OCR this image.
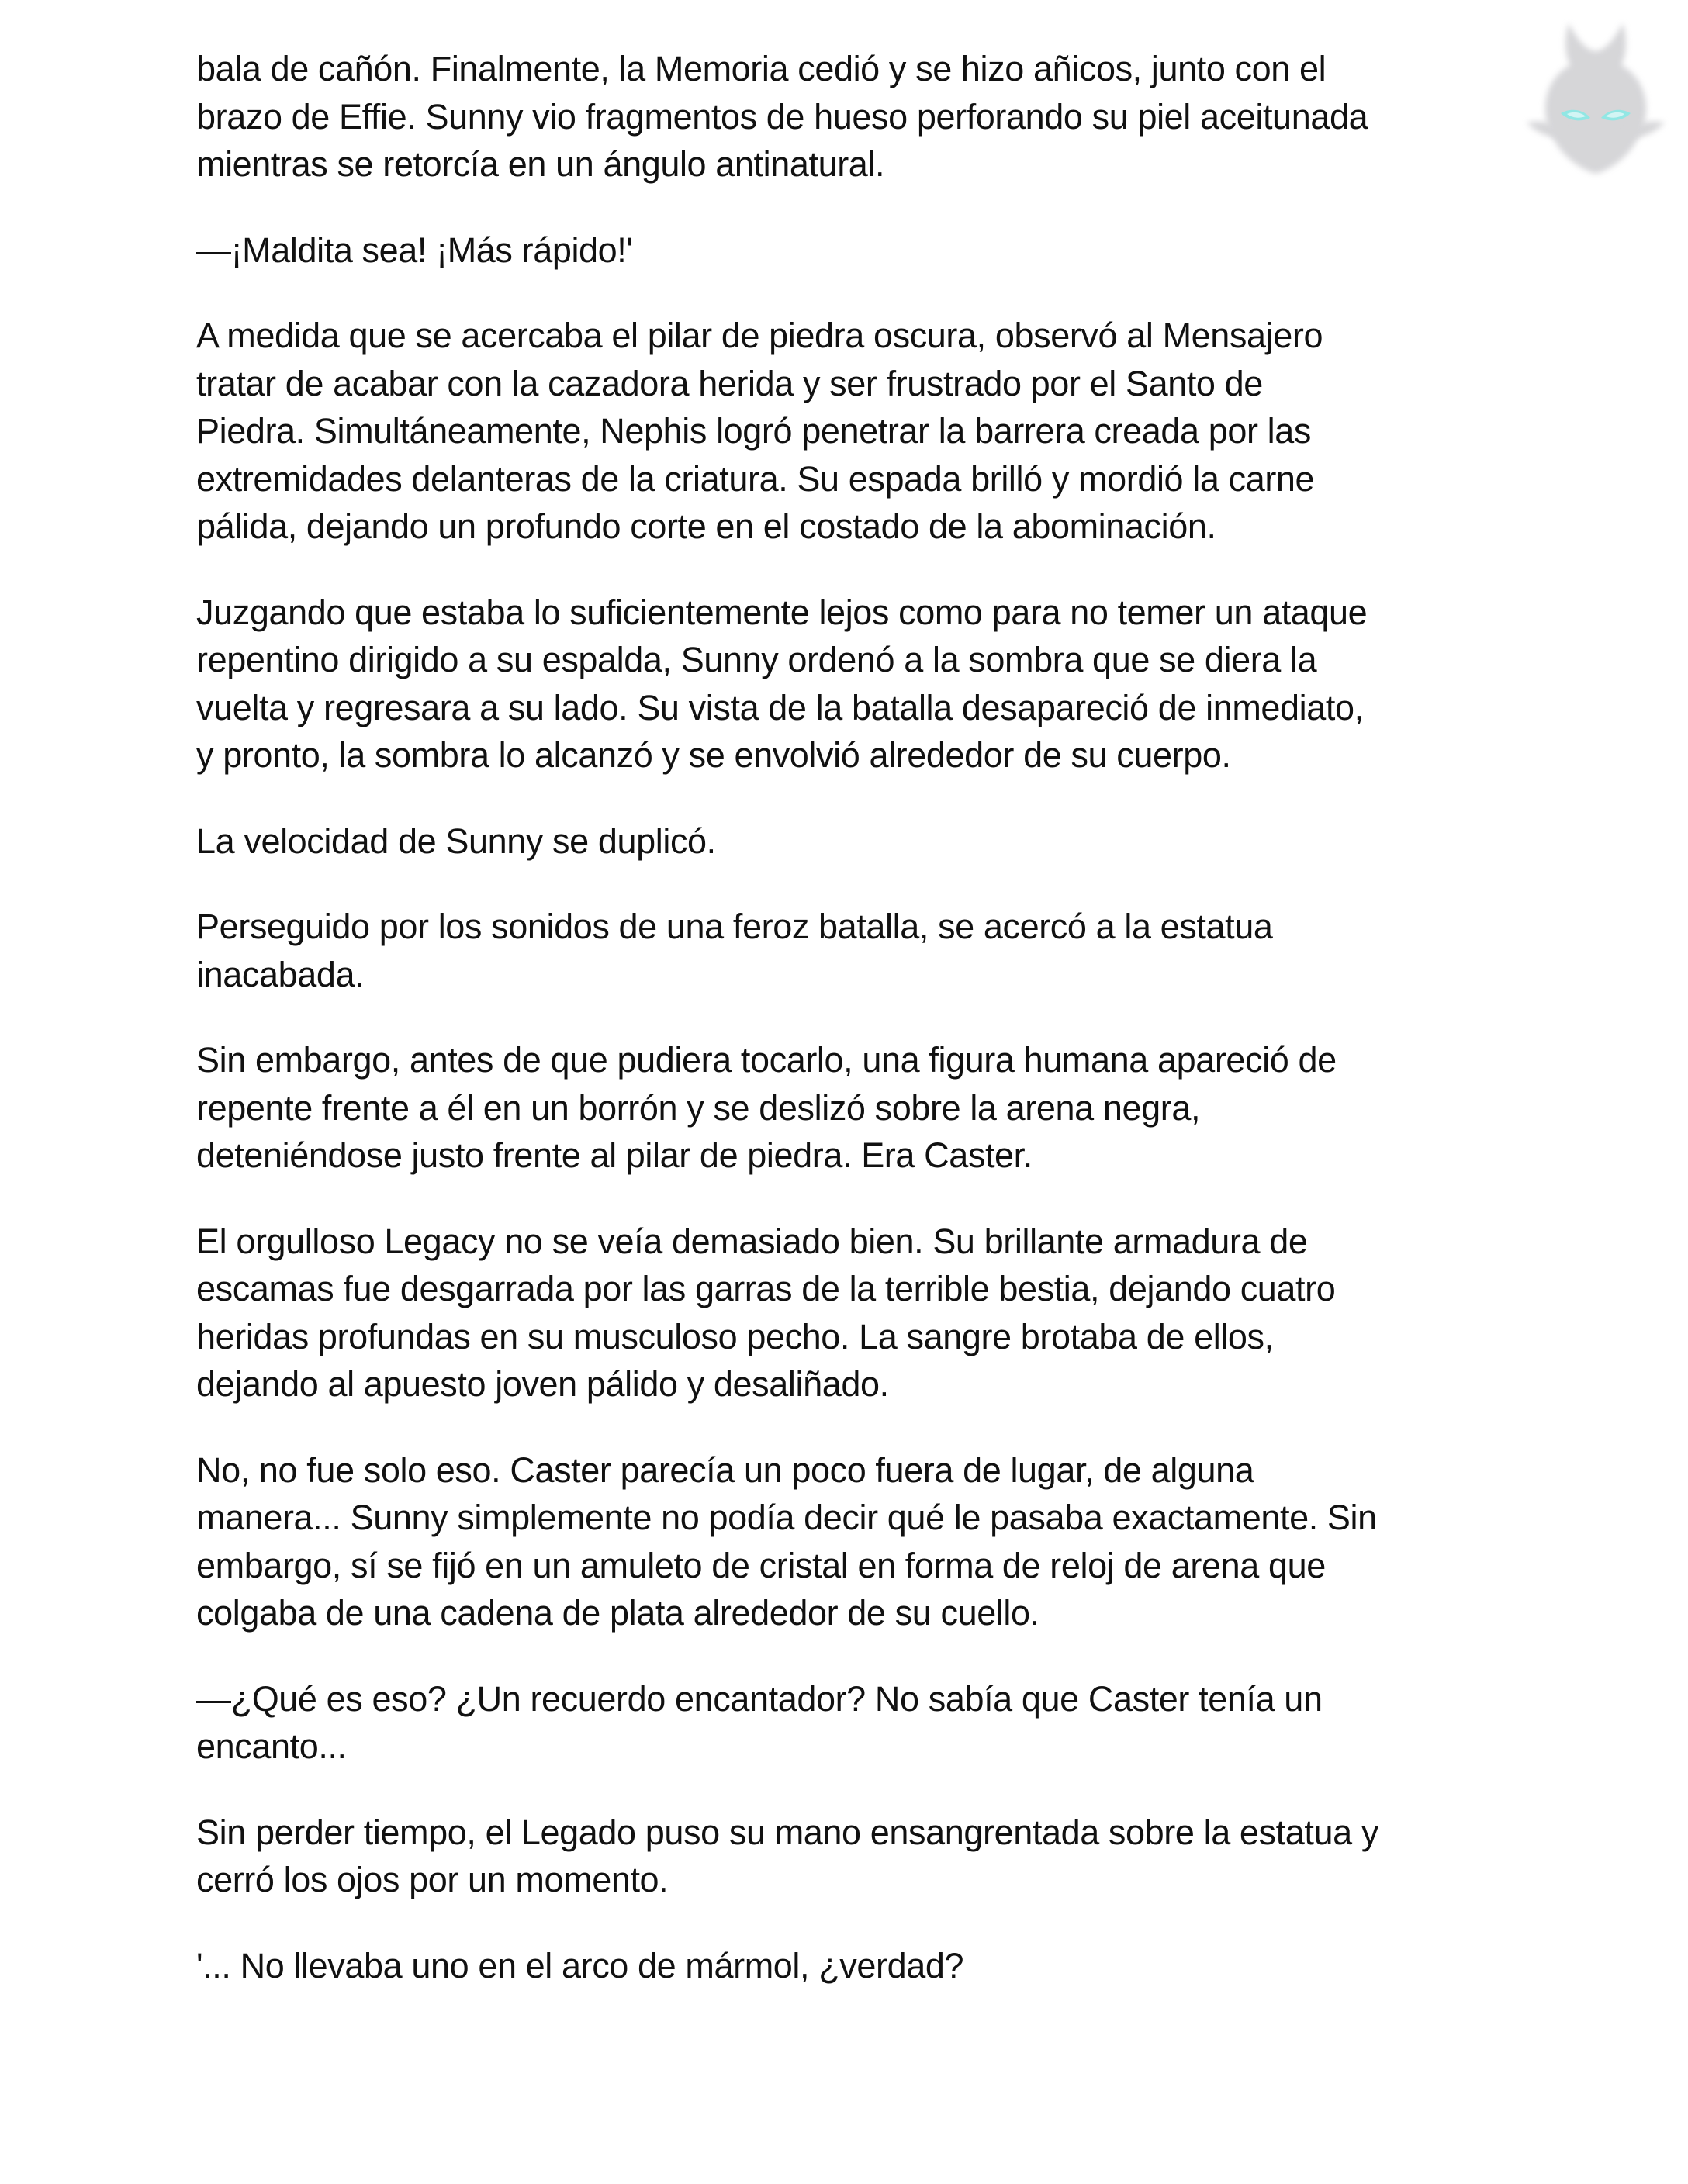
bala de cañón. Finalmente, la Memoria cedió y se hizo añicos, junto con el
brazo de Effie. Sunny vio fragmentos de hueso perforando su piel aceitunada
mientras se retorcía en un ángulo antinatural.

—¡Maldita sea! ¡Más rápido!'

A medida que se acercaba el pilar de piedra oscura, observó al Mensajero
tratar de acabar con la cazadora herida y ser frustrado por el Santo de
Piedra. Simultáneamente, Nephis logró penetrar la barrera creada por las
extremidades delanteras de la criatura. Su espada brilló y mordió la carne
pálida, dejando un profundo corte en el costado de la abominación.

Juzgando que estaba lo suficientemente lejos como para no temer un ataque
repentino dirigido a su espalda, Sunny ordenó a la sombra que se diera la
vuelta y regresara a su lado. Su vista de la batalla desapareció de inmediato,
y pronto, la sombra lo alcanzó y se envolvió alrededor de su cuerpo.

La velocidad de Sunny se duplicó.

Perseguido por los sonidos de una feroz batalla, se acercó a la estatua
inacabada.

Sin embargo, antes de que pudiera tocarlo, una figura humana apareció de
repente frente a él en un borrón y se deslizó sobre la arena negra,
deteniéndose justo frente al pilar de piedra. Era Caster.

El orgulloso Legacy no se veía demasiado bien. Su brillante armadura de
escamas fue desgarrada por las garras de la terrible bestia, dejando cuatro
heridas profundas en su musculoso pecho. La sangre brotaba de ellos,
dejando al apuesto joven pálido y desaliñado.

No, no fue solo eso. Caster parecía un poco fuera de lugar, de alguna
manera... Sunny simplemente no podía decir qué le pasaba exactamente. Sin
embargo, sí se fijó en un amuleto de cristal en forma de reloj de arena que
colgaba de una cadena de plata alrededor de su cuello.

—¿Qué es eso? ¿Un recuerdo encantador? No sabía que Caster tenía un
encanto...

Sin perder tiempo, el Legado puso su mano ensangrentada sobre la estatua y
cerró los ojos por un momento.

'... No llevaba uno en el arco de mármol, ¿verdad?
